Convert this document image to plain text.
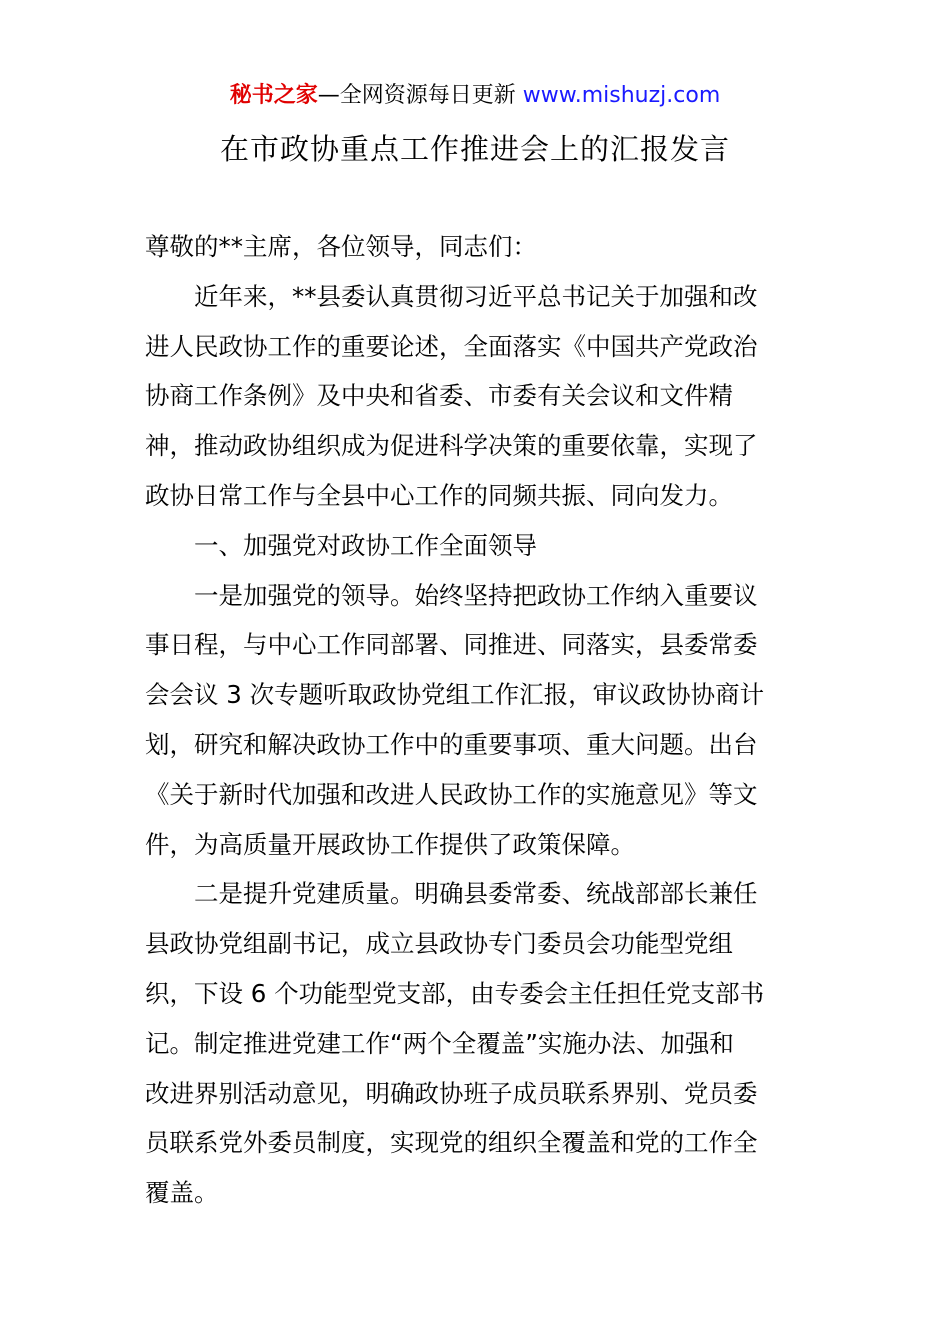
秘书之家—全网资源每日更新 www.mishuzj.com
在市政协重点工作推进会上的汇报发言
尊敬的**主席，各位领导，同志们：
近年来，**县委认真贯彻习近平总书记关于加强和改
进人民政协工作的重要论述，全面落实《中国共产党政治
协商工作条例》及中央和省委、市委有关会议和文件精
神，推动政协组织成为促进科学决策的重要依靠，实现了
政协日常工作与全县中心工作的同频共振、同向发力。
一、加强党对政协工作全面领导
一是加强党的领导。始终坚持把政协工作纳入重要议
事日程，与中心工作同部署、同推进、同落实，县委常委
会会议 3 次专题听取政协党组工作汇报，审议政协协商计
划，研究和解决政协工作中的重要事项、重大问题。出台
《关于新时代加强和改进人民政协工作的实施意见》等文
件，为高质量开展政协工作提供了政策保障。
二是提升党建质量。明确县委常委、统战部部长兼任
县政协党组副书记，成立县政协专门委员会功能型党组
织，下设 6 个功能型党支部，由专委会主任担任党支部书
记。制定推进党建工作“两个全覆盖”实施办法、加强和
改进界别活动意见，明确政协班子成员联系界别、党员委
员联系党外委员制度，实现党的组织全覆盖和党的工作全
覆盖。
